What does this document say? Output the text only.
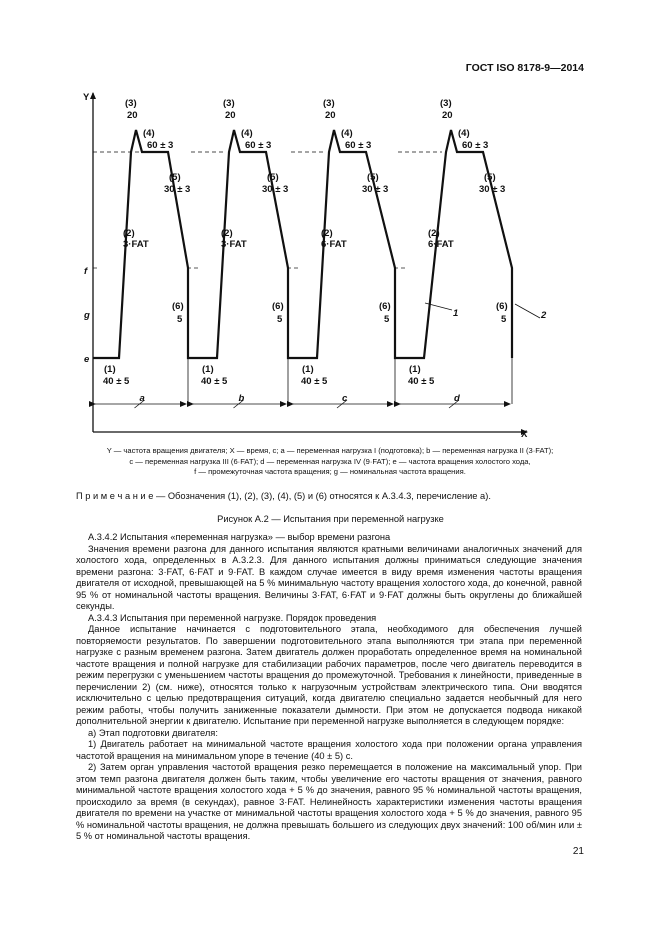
ГОСТ ISO 8178-9—2014
Y
X
f
g
e
a
(1)
40 ± 5
(2)
3·FAT
(3)
20
(4)
60 ± 3
(5)
30 ± 3
(6)
5
b
(1)
40 ± 5
(2)
3·FAT
(3)
20
(4)
60 ± 3
(5)
30 ± 3
(6)
5
c
(1)
40 ± 5
(2)
6·FAT
(3)
20
(4)
60 ± 3
(5)
30 ± 3
(6)
5
d
(1)
40 ± 5
(2)
6·FAT
(3)
20
(4)
60 ± 3
(5)
30 ± 3
(6)
5
1	2
Y — частота вращения двигателя; X — время, с; a — переменная нагрузка I (подготовка); b — переменная нагрузка II (3·FAT);
c — переменная нагрузка III (6·FAT); d — переменная нагрузка IV (9·FAT); e — частота вращения холостого хода,
f — промежуточная частота вращения; g — номинальная частота вращения.
П р и м е ч а н и е — Обозначения (1), (2), (3), (4), (5) и (6) относятся к А.3.4.3, перечисление a).
Рисунок А.2 — Испытания при переменной нагрузке

А.3.4.2 Испытания «переменная нагрузка» — выбор времени разгона

Значения времени разгона для данного испытания являются кратными величинами аналогичных значений для холостого хода, определенных в А.3.2.3. Для данного испытания должны приниматься следующие значения времени разгона: 3·FAT, 6·FAT и 9·FAT. В каждом случае имеется в виду время изменения частоты вращения двигателя от исходной, превышающей на 5 % минимальную частоту вращения холостого хода, до конечной, равной 95 % от номинальной частоты вращения. Величины 3·FAT, 6·FAT и 9·FAT должны быть округлены до ближайшей секунды.

А.3.4.3 Испытания при переменной нагрузке. Порядок проведения

Данное испытание начинается с подготовительного этапа, необходимого для обеспечения лучшей повторяемости результатов. По завершении подготовительного этапа выполняются три этапа при переменной нагрузке с разным временем разгона. Затем двигатель должен проработать определенное время на номинальной частоте вращения и полной нагрузке для стабилизации рабочих параметров, после чего двигатель переводится в режим перегрузки с уменьшением частоты вращения до промежуточной. Требования к линейности, приведенные в перечислении 2) (см. ниже), относятся только к нагрузочным устройствам электрического типа. Они вводятся исключительно с целью предотвращения ситуаций, когда двигателю специально задается необычный для него режим работы, чтобы получить заниженные показатели дымности. При этом не допускается подвода никакой дополнительной энергии к двигателю. Испытание при переменной нагрузке выполняется в следующем порядке:

a) Этап подготовки двигателя:

1) Двигатель работает на минимальной частоте вращения холостого хода при положении органа управления частотой вращения на минимальном упоре в течение (40 ± 5) с.

2) Затем орган управления частотой вращения резко перемещается в положение на максимальный упор. При этом темп разгона двигателя должен быть таким, чтобы увеличение его частоты вращения от значения, равного минимальной частоте вращения холостого хода + 5 % до значения, равного 95 % номинальной частоты вращения, происходило за время (в секундах), равное 3·FAT. Нелинейность характеристики изменения частоты вращения двигателя по времени на участке от минимальной частоты вращения холостого хода + 5 % до значения, равного 95 % номинальной частоты вращения, не должна превышать большего из следующих двух значений: 100 об/мин или ± 5 % от номинальной частоты вращения.

21
